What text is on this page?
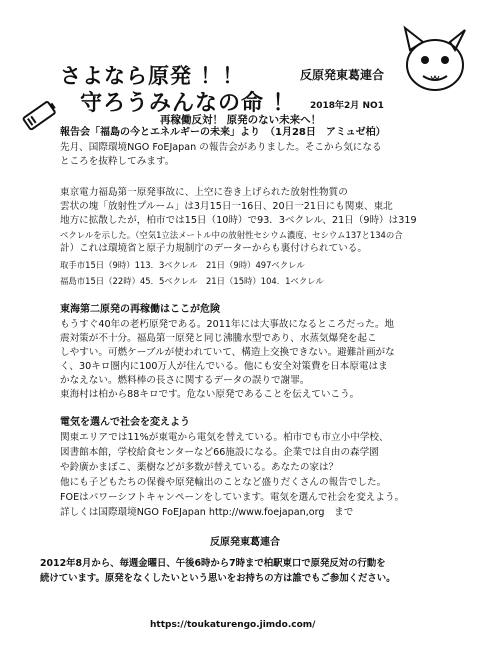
さよなら原発 ！！
守ろうみんなの命 ！
反原発東葛連合
2018年2月 NO1
再稼働反対！ 原発のない未来へ！
報告会「福島の今とエネルギーの未来」より　（1月28日　アミュゼ柏）
先月、国際環境NGO FoEJapan の報告会がありました。そこから気になる
ところを抜粋してみます。
東京電力福島第一原発事故に、上空に巻き上げられた放射性物質の
雲状の塊「放射性プルーム」は3月15日一16日、20日一21日にも関東、東北
地方に拡散したが，柏市では15日（10時）で93．3ベクレル、21日（9時）は319
ベクレルを示した。（空気1立法メートル中の放射性セシウム濃度、セシウム137と134の合
計）これは環境省と原子力規制庁のデーターからも裏付けられている。
取手市15日（9時）113．3ベクレル　21日（9時）497ベクレル
福島市15日（22時）45．5ベクレル　21日（15時）104．1ベクレル
東海第二原発の再稼働はここが危険
もうすぐ40年の老朽原発である。2011年には大事故になるところだった。地
震対策が不十分。福島第一原発と同じ沸騰水型であり、水蒸気爆発を起こ
しやすい。可燃ケーブルが使われていて、構造上交換できない。避難計画がな
く、30キロ圏内に100万人が住んでいる。他にも安全対策費を日本原電はま
かなえない。燃料棒の長さに関するデータの誤りで謝罪。
東海村は柏から88キロです。危ない原発であることを伝えていこう。
電気を選んで社会を変えよう
関東エリアでは11%が東電から電気を替えている。柏市でも市立小中学校、
図書館本館，学校給食センターなど66施設になる。企業では自由の森学園
や鈴廣かまぼこ、薬樹などが多数が替えている。あなたの家は？
他にも子どもたちの保養や原発輸出のことなど盛りだくさんの報告でした。
FOEはパワーシフトキャンペーンをしています。電気を選んで社会を変えよう。
詳しくは国際環境NGO FoEJapan http://www.foejapan,org　まで
反原発東葛連合
2012年8月から、毎週金曜日、午後6時から7時まで柏駅東口で原発反対の行動を
続けています。原発をなくしたいという思いをお持ちの方は誰でもご参加ください。
https://toukaturengo.jimdo.com/
